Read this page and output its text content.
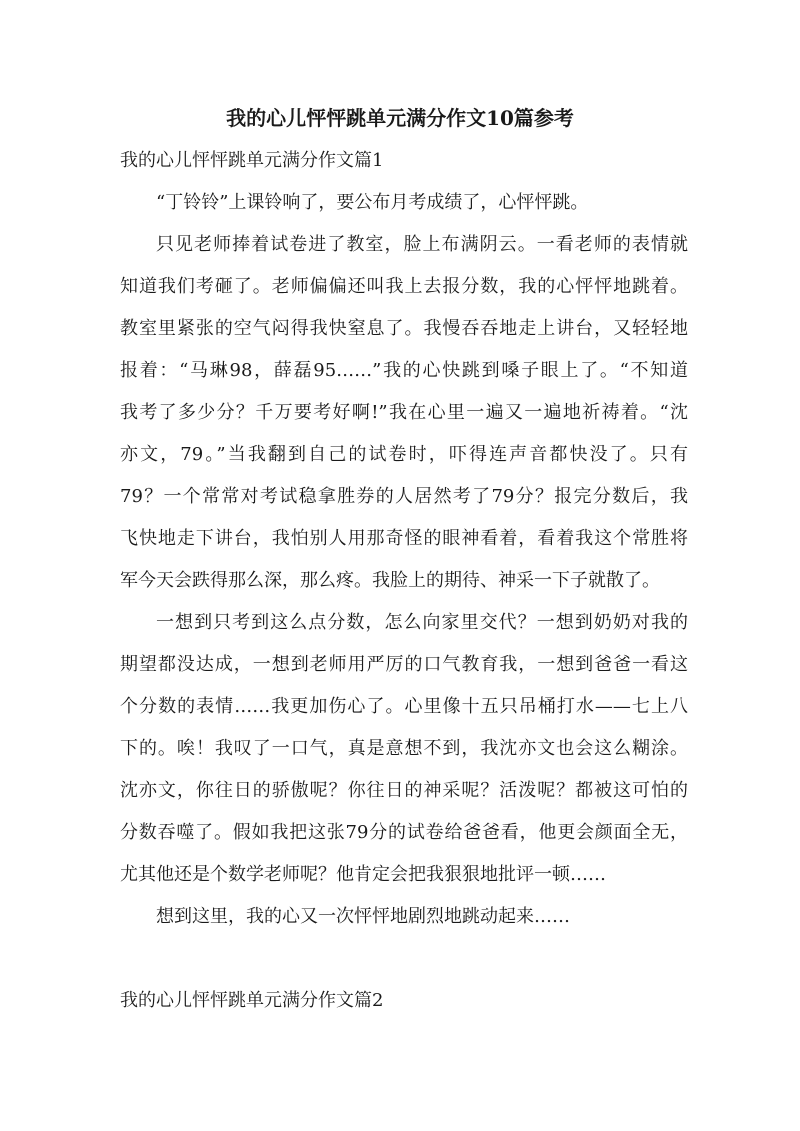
我的心儿怦怦跳单元满分作文10篇参考
我的心儿怦怦跳单元满分作文篇1
“丁铃铃”上课铃响了，要公布月考成绩了，心怦怦跳。
只见老师捧着试卷进了教室，脸上布满阴云。一看老师的表情就
知道我们考砸了。老师偏偏还叫我上去报分数，我的心怦怦地跳着。
教室里紧张的空气闷得我快窒息了。我慢吞吞地走上讲台，又轻轻地
报着：“马琳98，薛磊95……”我的心快跳到嗓子眼上了。“不知道
我考了多少分？千万要考好啊!”我在心里一遍又一遍地祈祷着。“沈
亦文，79。”当我翻到自己的试卷时，吓得连声音都快没了。只有
79？一个常常对考试稳拿胜券的人居然考了79分？报完分数后，我
飞快地走下讲台，我怕别人用那奇怪的眼神看着，看着我这个常胜将
军今天会跌得那么深，那么疼。我脸上的期待、神采一下子就散了。
一想到只考到这么点分数，怎么向家里交代？一想到奶奶对我的
期望都没达成，一想到老师用严厉的口气教育我，一想到爸爸一看这
个分数的表情……我更加伤心了。心里像十五只吊桶打水——七上八
下的。唉！我叹了一口气，真是意想不到，我沈亦文也会这么糊涂。
沈亦文，你往日的骄傲呢？你往日的神采呢？活泼呢？都被这可怕的
分数吞噬了。假如我把这张79分的试卷给爸爸看，他更会颜面全无，
尤其他还是个数学老师呢？他肯定会把我狠狠地批评一顿……
想到这里，我的心又一次怦怦地剧烈地跳动起来……
我的心儿怦怦跳单元满分作文篇2
